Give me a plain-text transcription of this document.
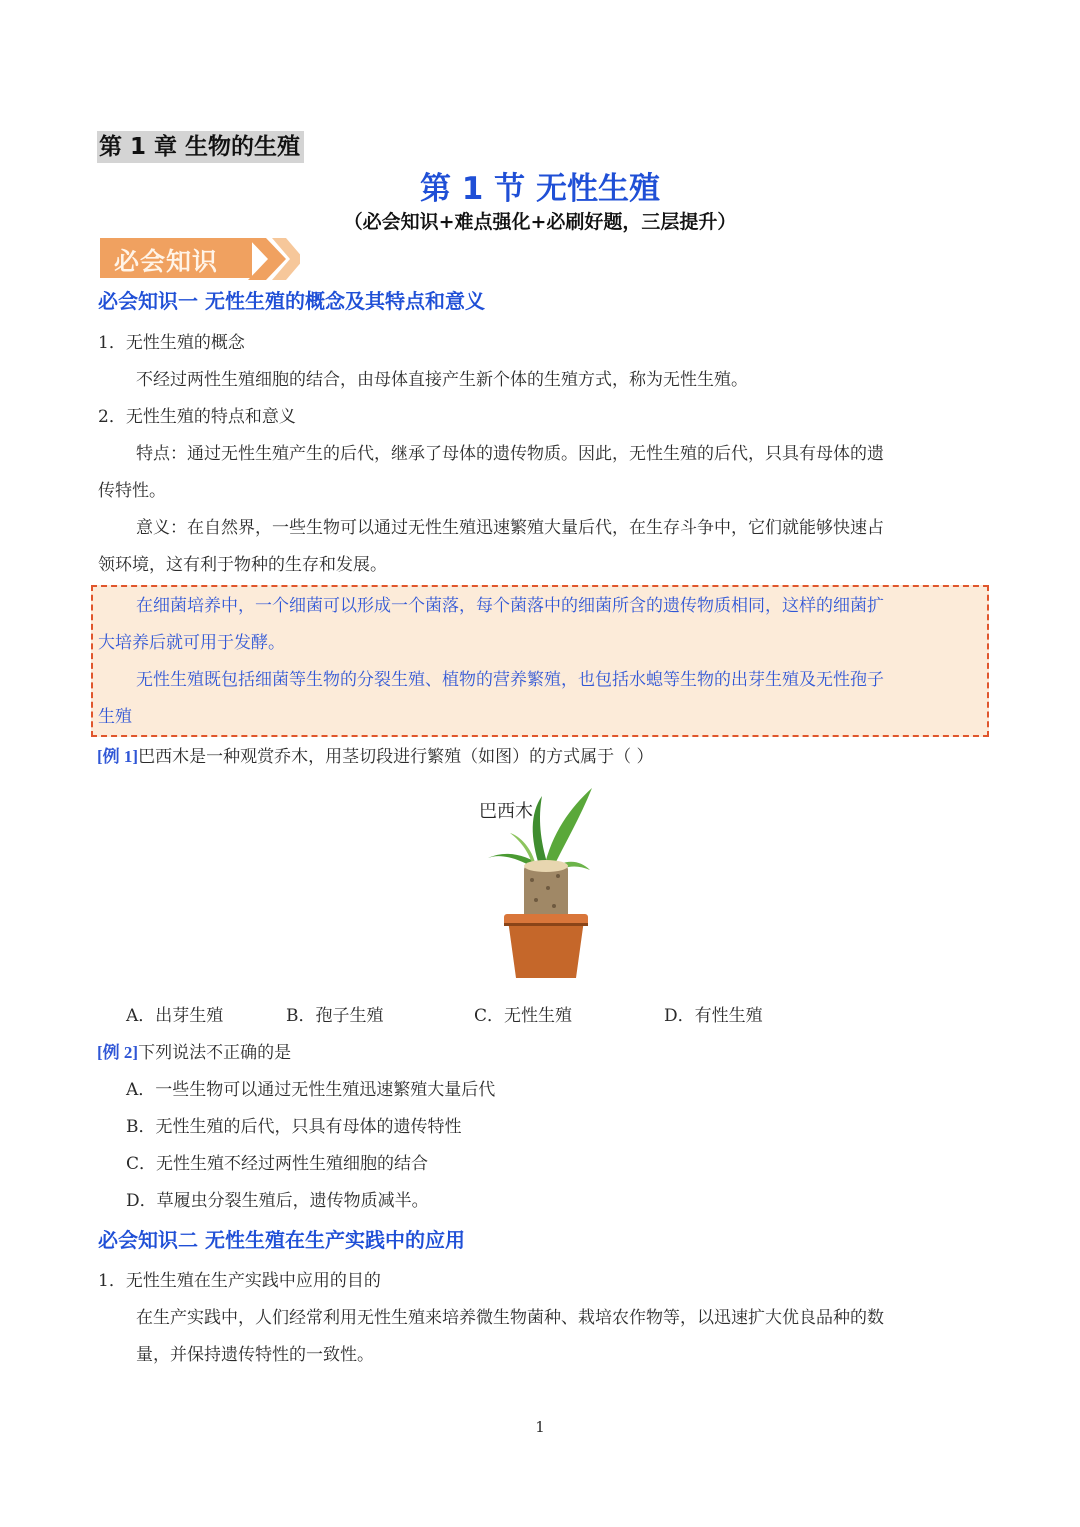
第 1 章 生物的生殖
第 1 节 无性生殖
（必会知识+难点强化+必刷好题，三层提升）
必会知识
必会知识一 无性生殖的概念及其特点和意义
1．无性生殖的概念
不经过两性生殖细胞的结合，由母体直接产生新个体的生殖方式，称为无性生殖。
2．无性生殖的特点和意义
特点：通过无性生殖产生的后代，继承了母体的遗传物质。因此，无性生殖的后代，只具有母体的遗
传特性。
意义：在自然界，一些生物可以通过无性生殖迅速繁殖大量后代，在生存斗争中，它们就能够快速占
领环境，这有利于物种的生存和发展。
在细菌培养中，一个细菌可以形成一个菌落，每个菌落中的细菌所含的遗传物质相同，这样的细菌扩
大培养后就可用于发酵。
无性生殖既包括细菌等生物的分裂生殖、植物的营养繁殖，也包括水螅等生物的出芽生殖及无性孢子
生殖
[例 1]巴西木是一种观赏乔木，用茎切段进行繁殖（如图）的方式属于（ ）
巴西木
A．出芽生殖	B．孢子生殖	C．无性生殖	D．有性生殖
[例 2]下列说法不正确的是
A．一些生物可以通过无性生殖迅速繁殖大量后代
B．无性生殖的后代，只具有母体的遗传特性
C．无性生殖不经过两性生殖细胞的结合
D．草履虫分裂生殖后，遗传物质减半。
必会知识二 无性生殖在生产实践中的应用
1．无性生殖在生产实践中应用的目的
在生产实践中，人们经常利用无性生殖来培养微生物菌种、栽培农作物等，以迅速扩大优良品种的数
量，并保持遗传特性的一致性。
1
